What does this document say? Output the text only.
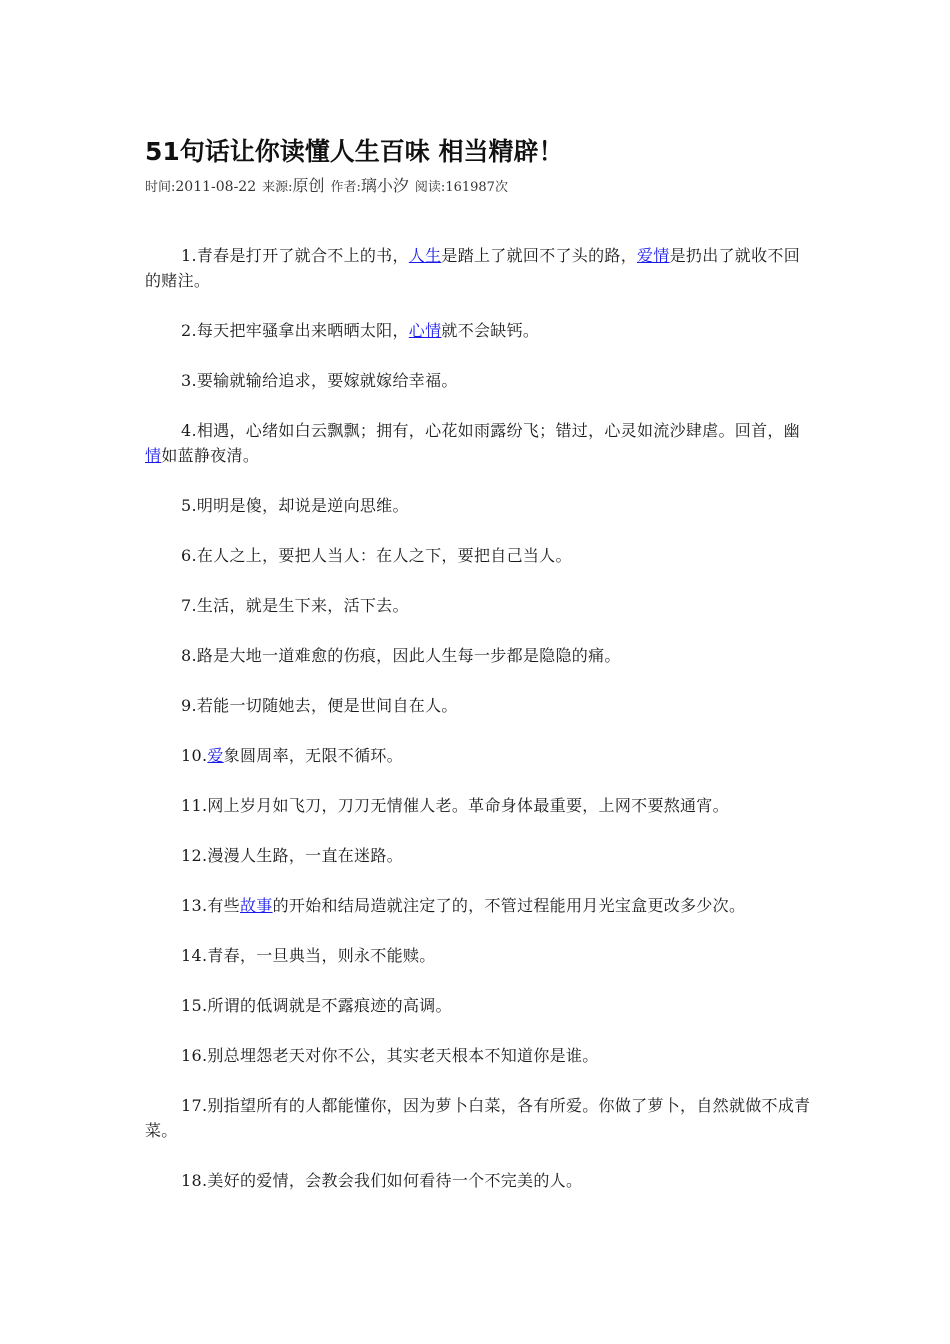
51句话让你读懂人生百味 相当精辟！
时间:2011-08-22 来源:原创 作者:璃小汐 阅读:161987次

1.青春是打开了就合不上的书，人生是踏上了就回不了头的路，爱情是扔出了就收不回的赌注。

2.每天把牢骚拿出来晒晒太阳，心情就不会缺钙。

3.要输就输给追求，要嫁就嫁给幸福。

4.相遇，心绪如白云飘飘；拥有，心花如雨露纷飞；错过，心灵如流沙肆虐。回首，幽情如蓝静夜清。

5.明明是傻，却说是逆向思维。

6.在人之上，要把人当人：在人之下，要把自己当人。

7.生活，就是生下来，活下去。

8.路是大地一道难愈的伤痕，因此人生每一步都是隐隐的痛。

9.若能一切随她去，便是世间自在人。

10.爱象圆周率，无限不循环。

11.网上岁月如飞刀，刀刀无情催人老。革命身体最重要，上网不要熬通宵。

12.漫漫人生路，一直在迷路。

13.有些故事的开始和结局造就注定了的，不管过程能用月光宝盒更改多少次。

14.青春，一旦典当，则永不能赎。

15.所谓的低调就是不露痕迹的高调。

16.别总埋怨老天对你不公，其实老天根本不知道你是谁。

17.别指望所有的人都能懂你，因为萝卜白菜，各有所爱。你做了萝卜，自然就做不成青菜。

18.美好的爱情，会教会我们如何看待一个不完美的人。
